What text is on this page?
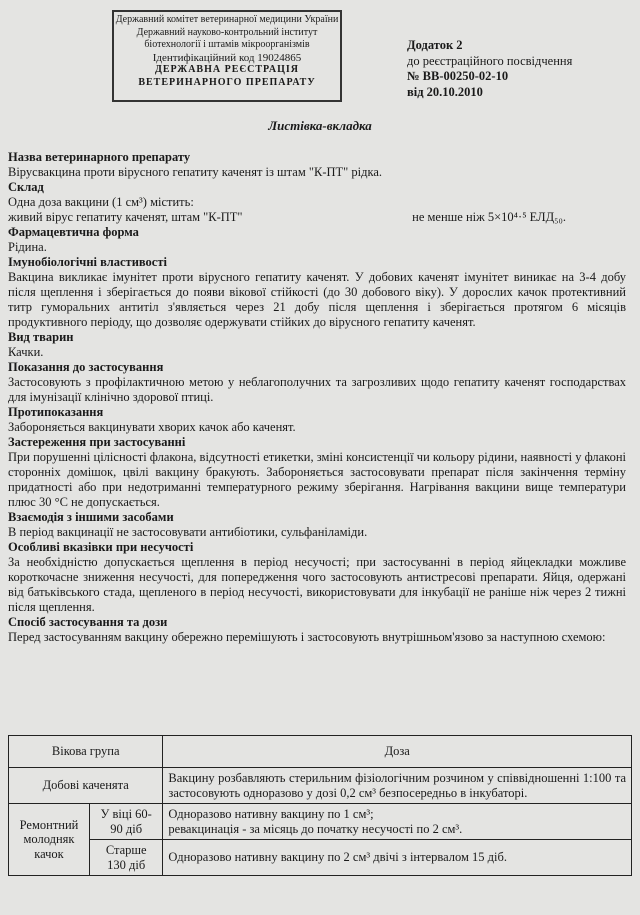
Державний комітет ветеринарної медицини України
Державний науково-контрольний інститут
біотехнології і штамів мікроорганізмів
Ідентифікаційний код 19024865
ДЕРЖАВНА РЕЄСТРАЦІЯ
ВЕТЕРИНАРНОГО ПРЕПАРАТУ
Додаток 2
до реєстраційного посвідчення
№ ВВ-00250-02-10
від 20.10.2010
Листівка-вкладка
Назва ветеринарного препарату

Вірусвакцина проти вірусного гепатиту каченят із штам "К-ПТ" рідка.

Склад

Одна доза вакцини (1 см³) містить:

живий вірус гепатиту каченят, штам "К-ПТ"	не менше ніж 5×10⁴·⁵ ЕЛД₅₀.
Фармацевтична форма

Рідина.

Імунобіологічні властивості

Вакцина викликає імунітет проти вірусного гепатиту каченят. У добових качeнят імунітет виникає на 3-4 добу після щеплення і зберігається до появи вікової стійкості (до 30 добового віку). У дорослих качок протективний титр гуморальних антитіл з'являється через 21 добу після щеплення і зберігається протягом 6 місяців продуктивного періоду, що дозволяє одержувати стійких до вірусного гепатиту качeнят.

Вид тварин

Качки.

Показання до застосування

Застосовують з профілактичною метою у неблагополучних та загрозливих щодо гепатиту качeнят господарствах для імунізації клінічно здорової птиці.

Протипоказання

Забороняється вакцинувати хворих качок або качeнят.

Застереження при застосуванні

При порушенні цілісності флакона, відсутності етикетки, зміні консистенції чи кольору рідини, наявності у флаконі сторонніх домішок, цвілі вакцину бракують. Забороняється застосовувати препарат після закінчення терміну придатності або при недотриманні температурного режиму зберігання. Нагрівання вакцини вище температури плюс 30 °С не допускається.

Взаємодія з іншими засобами

В період вакцинації не застосовувати антибіотики, сульфаніламіди.

Особливі вказівки при несучості

За необхідністю допускається щеплення в період несучості; при застосуванні в період яйцекладки можливе короткочасне зниження несучості, для попередження чого застосовують антистресові препарати. Яйця, одержані від батьківського стада, щепленого в період несучості, використовувати для інкубації не раніше ніж через 2 тижні після щеплення.

Спосіб застосування та дози

Перед застосуванням вакцину обережно перемішують і застосовують внутрішньом'язово за наступною схемою:

Вікова група		Доза
Добові качeнята		Вакцину розбавляють стерильним фізіологічним розчином у співвідношенні 1:100 та застосовують одноразово у дозі 0,2 см³ безпосередньо в інкубаторі.
Ремонтний молодняк качок	У віці 60-90 діб	Одноразово нативну вакцину по 1 см³;
ревакцинація - за місяць до початку несучості по 2 см³.

	Старше 130 діб	Одноразово нативну вакцину по 2 см³ двічі з інтервалом 15 діб.
